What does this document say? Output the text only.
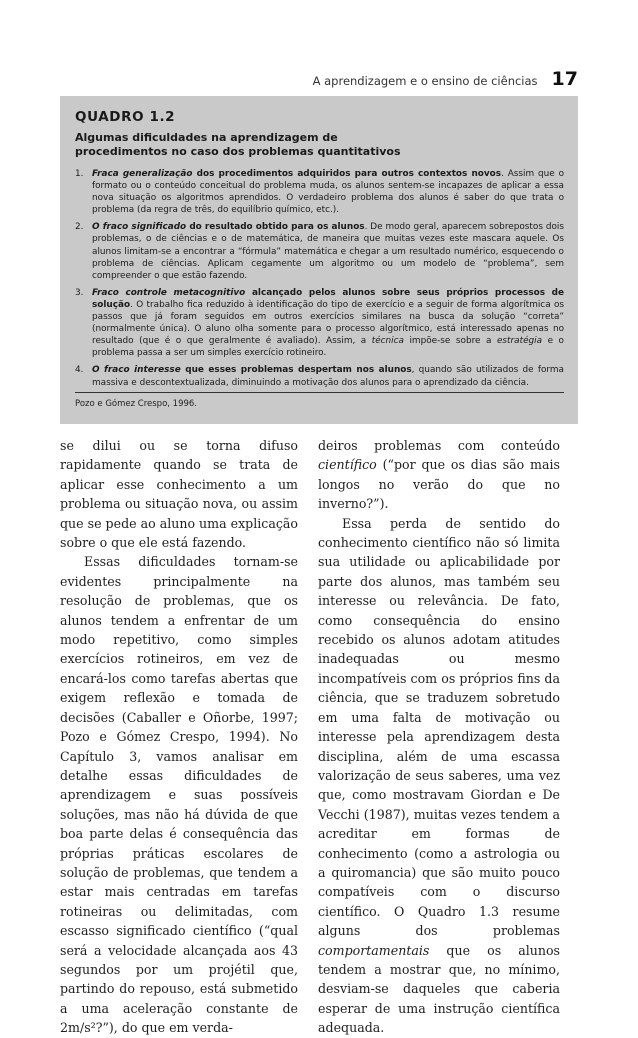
A aprendizagem e o ensino de ciências 17
QUADRO 1.2
Algumas dificuldades na aprendizagem de procedimentos no caso dos problemas quantitativos
1. Fraca generalização dos procedimentos adquiridos para outros contextos novos. Assim que o formato ou o conteúdo conceitual do problema muda, os alunos sentem-se incapazes de aplicar a essa nova situação os algoritmos aprendidos. O verdadeiro problema dos alunos é saber do que trata o problema (da regra de três, do equilíbrio químico, etc.).
2. O fraco significado do resultado obtido para os alunos. De modo geral, aparecem sobrepostos dois problemas, o de ciências e o de matemática, de maneira que muitas vezes este mascara aquele. Os alunos limitam-se a encontrar a “fórmula” matemática e chegar a um resultado numérico, esquecendo o problema de ciências. Aplicam cegamente um algoritmo ou um modelo de “problema”, sem compreender o que estão fazendo.
3. Fraco controle metacognitivo alcançado pelos alunos sobre seus próprios processos de solução. O trabalho fica reduzido à identificação do tipo de exercício e a seguir de forma algorítmica os passos que já foram seguidos em outros exercícios similares na busca da solução “correta” (normalmente única). O aluno olha somente para o processo algorítmico, está interessado apenas no resultado (que é o que geralmente é avaliado). Assim, a técnica impõe-se sobre a estratégia e o problema passa a ser um simples exercício rotineiro.
4. O fraco interesse que esses problemas despertam nos alunos, quando são utilizados de forma massiva e descontextualizada, diminuindo a motivação dos alunos para o aprendizado da ciência.
Pozo e Gómez Crespo, 1996.

se dilui ou se torna difuso rapidamente quando se trata de aplicar esse conhecimento a um problema ou situação nova, ou assim que se pede ao aluno uma explicação sobre o que ele está fazendo.

Essas dificuldades tornam-se evidentes principalmente na resolução de problemas, que os alunos tendem a enfrentar de um modo repetitivo, como simples exercícios rotineiros, em vez de encará-los como tarefas abertas que exigem reflexão e tomada de decisões (Caballer e Oñorbe, 1997; Pozo e Gómez Crespo, 1994). No Capítulo 3, vamos analisar em detalhe essas dificuldades de aprendizagem e suas possíveis soluções, mas não há dúvida de que boa parte delas é consequência das próprias práticas escolares de solução de problemas, que tendem a estar mais centradas em tarefas rotineiras ou delimitadas, com escasso significado científico (“qual será a velocidade alcançada aos 43 segundos por um projétil que, partindo do repouso, está submetido a uma aceleração constante de 2m/s²?”), do que em verda-

deiros problemas com conteúdo científico (“por que os dias são mais longos no verão do que no inverno?”).

Essa perda de sentido do conhecimento científico não só limita sua utilidade ou aplicabilidade por parte dos alunos, mas também seu interesse ou relevância. De fato, como consequência do ensino recebido os alunos adotam atitudes inadequadas ou mesmo incompatíveis com os próprios fins da ciência, que se traduzem sobretudo em uma falta de motivação ou interesse pela aprendizagem desta disciplina, além de uma escassa valorização de seus saberes, uma vez que, como mostravam Giordan e De Vecchi (1987), muitas vezes tendem a acreditar em formas de conhecimento (como a astrologia ou a quiromancia) que são muito pouco compatíveis com o discurso científico. O Quadro 1.3 resume alguns dos problemas comportamentais que os alunos tendem a mostrar que, no mínimo, desviam-se daqueles que caberia esperar de uma instrução científica adequada.
